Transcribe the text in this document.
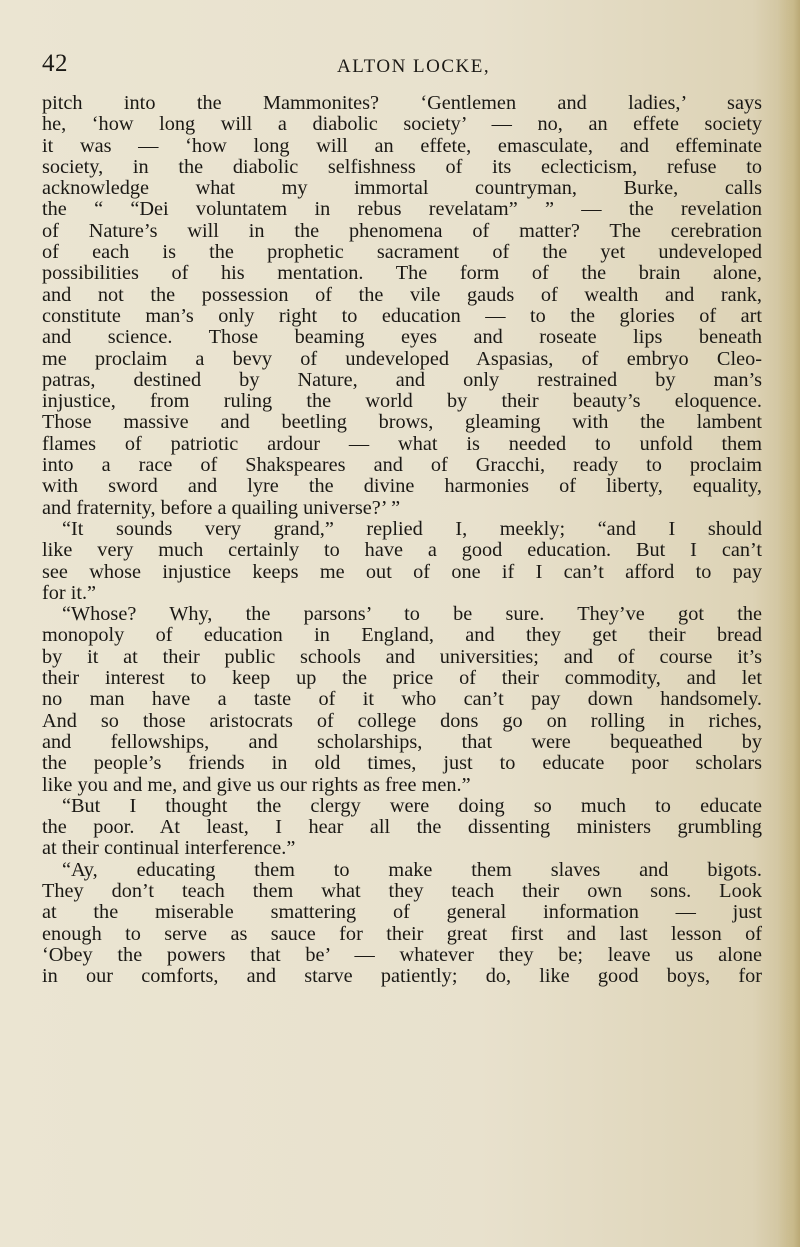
42	ALTON LOCKE,
pitch into the Mammonites? ‘Gentlemen and ladies,’ says
he, ‘how long will a diabolic society’ — no, an effete society
it was — ‘how long will an effete, emasculate, and effeminate
society, in the diabolic selfishness of its eclecticism, refuse to
acknowledge what my immortal countryman, Burke, calls
the “ “Dei voluntatem in rebus revelatam” ” — the revelation
of Nature’s will in the phenomena of matter? The cerebration
of each is the prophetic sacrament of the yet undeveloped
possibilities of his mentation. The form of the brain alone,
and not the possession of the vile gauds of wealth and rank,
constitute man’s only right to education — to the glories of art
and science. Those beaming eyes and roseate lips beneath
me proclaim a bevy of undeveloped Aspasias, of embryo Cleo-
patras, destined by Nature, and only restrained by man’s
injustice, from ruling the world by their beauty’s eloquence.
Those massive and beetling brows, gleaming with the lambent
flames of patriotic ardour — what is needed to unfold them
into a race of Shakspeares and of Gracchi, ready to proclaim
with sword and lyre the divine harmonies of liberty, equality,
and fraternity, before a quailing universe?’ ”
“It sounds very grand,” replied I, meekly; “and I should
like very much certainly to have a good education. But I can’t
see whose injustice keeps me out of one if I can’t afford to pay
for it.”
“Whose? Why, the parsons’ to be sure. They’ve got the
monopoly of education in England, and they get their bread
by it at their public schools and universities; and of course it’s
their interest to keep up the price of their commodity, and let
no man have a taste of it who can’t pay down handsomely.
And so those aristocrats of college dons go on rolling in riches,
and fellowships, and scholarships, that were bequeathed by
the people’s friends in old times, just to educate poor scholars
like you and me, and give us our rights as free men.”
“But I thought the clergy were doing so much to educate
the poor. At least, I hear all the dissenting ministers grumbling
at their continual interference.”
“Ay, educating them to make them slaves and bigots.
They don’t teach them what they teach their own sons. Look
at the miserable smattering of general information — just
enough to serve as sauce for their great first and last lesson of
‘Obey the powers that be’ — whatever they be; leave us alone
in our comforts, and starve patiently; do, like good boys, for
